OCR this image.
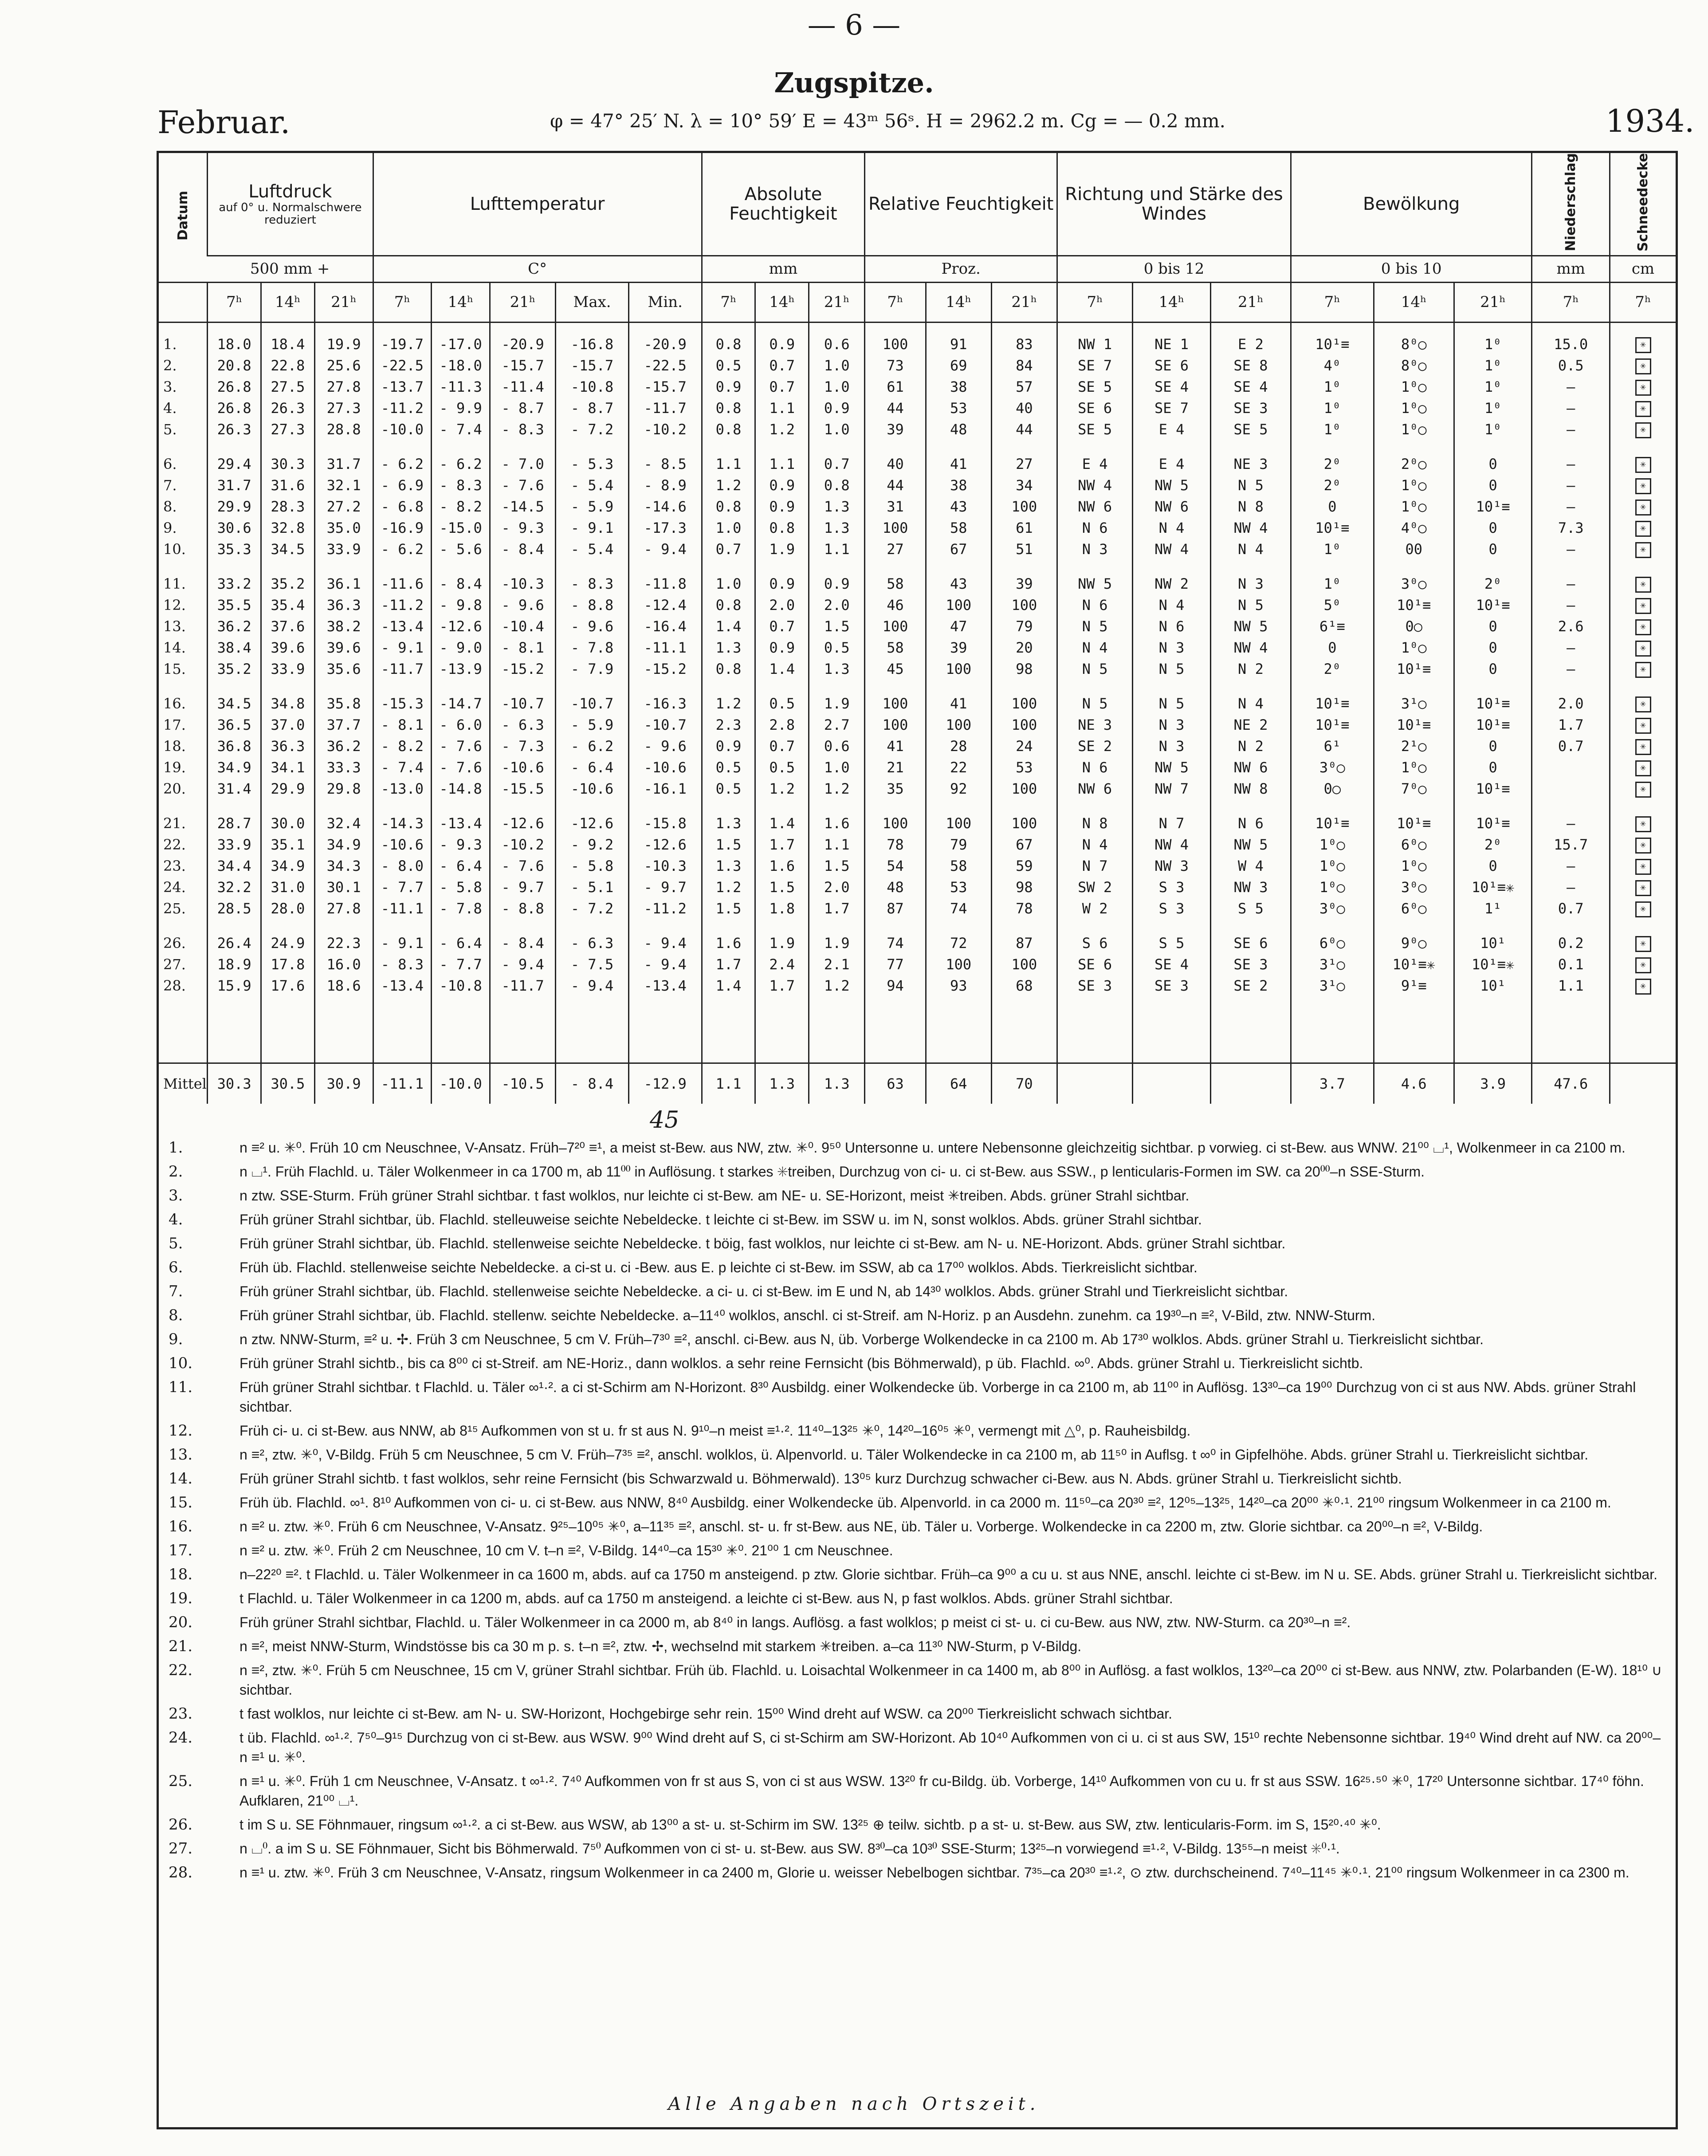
— 6 —
Zugspitze.
Februar.	φ = 47° 25′ N. λ = 10° 59′ E = 43ᵐ 56ˢ. H = 2962.2 m. Cg = — 0.2 mm.	1934.
Datum	Luftdruck
auf 0° u. Normalschwere reduziert			Lufttemperatur					Absolute Feuchtigkeit			Relative Feuchtigkeit			Richtung und Stärke des Windes			Bewölkung			Niederschlag	Schneedecke
	500 mm +			C°					mm			Proz.			0 bis 12			0 bis 10			mm	cm
	7ʰ	14ʰ	21ʰ	7ʰ	14ʰ	21ʰ	Max.	Min.	7ʰ	14ʰ	21ʰ	7ʰ	14ʰ	21ʰ	7ʰ	14ʰ	21ʰ	7ʰ	14ʰ	21ʰ	7ʰ	7ʰ

1.	18.0	18.4	19.9	-19.7	-17.0	-20.9	-16.8	-20.9	0.8	0.9	0.6	100	91	83	NW 1	NE 1	E 2	10¹≡	8⁰○	1⁰	15.0	✳
2.	20.8	22.8	25.6	-22.5	-18.0	-15.7	-15.7	-22.5	0.5	0.7	1.0	73	69	84	SE 7	SE 6	SE 8	4⁰	8⁰○	1⁰	0.5	✳
3.	26.8	27.5	27.8	-13.7	-11.3	-11.4	-10.8	-15.7	0.9	0.7	1.0	61	38	57	SE 5	SE 4	SE 4	1⁰	1⁰○	1⁰	–	✳
4.	26.8	26.3	27.3	-11.2	- 9.9	- 8.7	- 8.7	-11.7	0.8	1.1	0.9	44	53	40	SE 6	SE 7	SE 3	1⁰	1⁰○	1⁰	–	✳
5.	26.3	27.3	28.8	-10.0	- 7.4	- 8.3	- 7.2	-10.2	0.8	1.2	1.0	39	48	44	SE 5	E 4	SE 5	1⁰	1⁰○	1⁰	–	✳
6.	29.4	30.3	31.7	- 6.2	- 6.2	- 7.0	- 5.3	- 8.5	1.1	1.1	0.7	40	41	27	E 4	E 4	NE 3	2⁰	2⁰○	0	–	✳
7.	31.7	31.6	32.1	- 6.9	- 8.3	- 7.6	- 5.4	- 8.9	1.2	0.9	0.8	44	38	34	NW 4	NW 5	N 5	2⁰	1⁰○	0	–	✳
8.	29.9	28.3	27.2	- 6.8	- 8.2	-14.5	- 5.9	-14.6	0.8	0.9	1.3	31	43	100	NW 6	NW 6	N 8	0	1⁰○	10¹≡	–	✳
9.	30.6	32.8	35.0	-16.9	-15.0	- 9.3	- 9.1	-17.3	1.0	0.8	1.3	100	58	61	N 6	N 4	NW 4	10¹≡	4⁰○	0	7.3	✳
10.	35.3	34.5	33.9	- 6.2	- 5.6	- 8.4	- 5.4	- 9.4	0.7	1.9	1.1	27	67	51	N 3	NW 4	N 4	1⁰	00	0	–	✳
11.	33.2	35.2	36.1	-11.6	- 8.4	-10.3	- 8.3	-11.8	1.0	0.9	0.9	58	43	39	NW 5	NW 2	N 3	1⁰	3⁰○	2⁰	–	✳
12.	35.5	35.4	36.3	-11.2	- 9.8	- 9.6	- 8.8	-12.4	0.8	2.0	2.0	46	100	100	N 6	N 4	N 5	5⁰	10¹≡	10¹≡	–	✳
13.	36.2	37.6	38.2	-13.4	-12.6	-10.4	- 9.6	-16.4	1.4	0.7	1.5	100	47	79	N 5	N 6	NW 5	6¹≡	0○	0	2.6	✳
14.	38.4	39.6	39.6	- 9.1	- 9.0	- 8.1	- 7.8	-11.1	1.3	0.9	0.5	58	39	20	N 4	N 3	NW 4	0	1⁰○	0	–	✳
15.	35.2	33.9	35.6	-11.7	-13.9	-15.2	- 7.9	-15.2	0.8	1.4	1.3	45	100	98	N 5	N 5	N 2	2⁰	10¹≡	0	–	✳
16.	34.5	34.8	35.8	-15.3	-14.7	-10.7	-10.7	-16.3	1.2	0.5	1.9	100	41	100	N 5	N 5	N 4	10¹≡	3¹○	10¹≡	2.0	✳
17.	36.5	37.0	37.7	- 8.1	- 6.0	- 6.3	- 5.9	-10.7	2.3	2.8	2.7	100	100	100	NE 3	N 3	NE 2	10¹≡	10¹≡	10¹≡	1.7	✳
18.	36.8	36.3	36.2	- 8.2	- 7.6	- 7.3	- 6.2	- 9.6	0.9	0.7	0.6	41	28	24	SE 2	N 3	N 2	6¹	2¹○	0	0.7	✳
19.	34.9	34.1	33.3	- 7.4	- 7.6	-10.6	- 6.4	-10.6	0.5	0.5	1.0	21	22	53	N 6	NW 5	NW 6	3⁰○	1⁰○	0		✳
20.	31.4	29.9	29.8	-13.0	-14.8	-15.5	-10.6	-16.1	0.5	1.2	1.2	35	92	100	NW 6	NW 7	NW 8	0○	7⁰○	10¹≡		✳
21.	28.7	30.0	32.4	-14.3	-13.4	-12.6	-12.6	-15.8	1.3	1.4	1.6	100	100	100	N 8	N 7	N 6	10¹≡	10¹≡	10¹≡	–	✳
22.	33.9	35.1	34.9	-10.6	- 9.3	-10.2	- 9.2	-12.6	1.5	1.7	1.1	78	79	67	N 4	NW 4	NW 5	1⁰○	6⁰○	2⁰	15.7	✳
23.	34.4	34.9	34.3	- 8.0	- 6.4	- 7.6	- 5.8	-10.3	1.3	1.6	1.5	54	58	59	N 7	NW 3	W 4	1⁰○	1⁰○	0	–	✳
24.	32.2	31.0	30.1	- 7.7	- 5.8	- 9.7	- 5.1	- 9.7	1.2	1.5	2.0	48	53	98	SW 2	S 3	NW 3	1⁰○	3⁰○	10¹≡✳	–	✳
25.	28.5	28.0	27.8	-11.1	- 7.8	- 8.8	- 7.2	-11.2	1.5	1.8	1.7	87	74	78	W 2	S 3	S 5	3⁰○	6⁰○	1¹	0.7	✳
26.	26.4	24.9	22.3	- 9.1	- 6.4	- 8.4	- 6.3	- 9.4	1.6	1.9	1.9	74	72	87	S 6	S 5	SE 6	6⁰○	9⁰○	10¹	0.2	✳
27.	18.9	17.8	16.0	- 8.3	- 7.7	- 9.4	- 7.5	- 9.4	1.7	2.4	2.1	77	100	100	SE 6	SE 4	SE 3	3¹○	10¹≡✳	10¹≡✳	0.1	✳
28.	15.9	17.6	18.6	-13.4	-10.8	-11.7	- 9.4	-13.4	1.4	1.7	1.2	94	93	68	SE 3	SE 3	SE 2	3¹○	9¹≡	10¹	1.1	✳

Mittel	30.3	30.5	30.9	-11.1	-10.0	-10.5	- 8.4	-12.9	1.1	1.3	1.3	63	64	70				3.7	4.6	3.9	47.6	
45
1.	n ≡² u. ✳⁰. Früh 10 cm Neuschnee, V-Ansatz. Früh–7²⁰ ≡¹, a meist st-Bew. aus NW, ztw. ✳⁰. 9⁵⁰ Untersonne u. untere Nebensonne gleichzeitig sichtbar. p vorwieg. ci st-Bew. aus WNW. 21⁰⁰ ⌴¹, Wolkenmeer in ca 2100 m.
2.	n ⌴¹. Früh Flachld. u. Täler Wolkenmeer in ca 1700 m, ab 11⁰⁰ in Auflösung. t starkes ✳treiben, Durchzug von ci- u. ci st-Bew. aus SSW., p lenticularis-Formen im SW. ca 20⁰⁰–n SSE-Sturm.
3.	n ztw. SSE-Sturm. Früh grüner Strahl sichtbar. t fast wolklos, nur leichte ci st-Bew. am NE- u. SE-Horizont, meist ✳treiben. Abds. grüner Strahl sichtbar.
4.	Früh grüner Strahl sichtbar, üb. Flachld. stelleuweise seichte Nebeldecke. t leichte ci st-Bew. im SSW u. im N, sonst wolklos. Abds. grüner Strahl sichtbar.
5.	Früh grüner Strahl sichtbar, üb. Flachld. stellenweise seichte Nebeldecke. t böig, fast wolklos, nur leichte ci st-Bew. am N- u. NE-Horizont. Abds. grüner Strahl sichtbar.
6.	Früh üb. Flachld. stellenweise seichte Nebeldecke. a ci-st u. ci -Bew. aus E. p leichte ci st-Bew. im SSW, ab ca 17⁰⁰ wolklos. Abds. Tierkreislicht sichtbar.
7.	Früh grüner Strahl sichtbar, üb. Flachld. stellenweise seichte Nebeldecke. a ci- u. ci st-Bew. im E und N, ab 14³⁰ wolklos. Abds. grüner Strahl und Tierkreislicht sichtbar.
8.	Früh grüner Strahl sichtbar, üb. Flachld. stellenw. seichte Nebeldecke. a–11⁴⁰ wolklos, anschl. ci st-Streif. am N-Horiz. p an Ausdehn. zunehm. ca 19³⁰–n ≡², V-Bild, ztw. NNW-Sturm.
9.	n ztw. NNW-Sturm, ≡² u. ✢. Früh 3 cm Neuschnee, 5 cm V. Früh–7³⁰ ≡², anschl. ci-Bew. aus N, üb. Vorberge Wolkendecke in ca 2100 m. Ab 17³⁰ wolklos. Abds. grüner Strahl u. Tierkreislicht sichtbar.
10.	Früh grüner Strahl sichtb., bis ca 8⁰⁰ ci st-Streif. am NE-Horiz., dann wolklos. a sehr reine Fernsicht (bis Böhmerwald), p üb. Flachld. ∞⁰. Abds. grüner Strahl u. Tierkreislicht sichtb.
11.	Früh grüner Strahl sichtbar. t Flachld. u. Täler ∞¹·². a ci st-Schirm am N-Horizont. 8³⁰ Ausbildg. einer Wolkendecke üb. Vorberge in ca 2100 m, ab 11⁰⁰ in Auflösg. 13³⁰–ca 19⁰⁰ Durchzug von ci st aus NW. Abds. grüner Strahl sichtbar.
12.	Früh ci- u. ci st-Bew. aus NNW, ab 8¹⁵ Aufkommen von st u. fr st aus N. 9¹⁰–n meist ≡¹·². 11⁴⁰–13²⁵ ✳⁰, 14²⁰–16⁰⁵ ✳⁰, vermengt mit △⁰, p. Rauheisbildg.
13.	n ≡², ztw. ✳⁰, V-Bildg. Früh 5 cm Neuschnee, 5 cm V. Früh–7³⁵ ≡², anschl. wolklos, ü. Alpenvorld. u. Täler Wolkendecke in ca 2100 m, ab 11⁵⁰ in Auflsg. t ∞⁰ in Gipfelhöhe. Abds. grüner Strahl u. Tierkreislicht sichtbar.
14.	Früh grüner Strahl sichtb. t fast wolklos, sehr reine Fernsicht (bis Schwarzwald u. Böhmerwald). 13⁰⁵ kurz Durchzug schwacher ci-Bew. aus N. Abds. grüner Strahl u. Tierkreislicht sichtb.
15.	Früh üb. Flachld. ∞¹. 8¹⁰ Aufkommen von ci- u. ci st-Bew. aus NNW, 8⁴⁰ Ausbildg. einer Wolkendecke üb. Alpenvorld. in ca 2000 m. 11⁵⁰–ca 20³⁰ ≡², 12⁰⁵–13²⁵, 14²⁰–ca 20⁰⁰ ✳⁰·¹. 21⁰⁰ ringsum Wolkenmeer in ca 2100 m.
16.	n ≡² u. ztw. ✳⁰. Früh 6 cm Neuschnee, V-Ansatz. 9²⁵–10⁰⁵ ✳⁰, a–11³⁵ ≡², anschl. st- u. fr st-Bew. aus NE, üb. Täler u. Vorberge. Wolkendecke in ca 2200 m, ztw. Glorie sichtbar. ca 20⁰⁰–n ≡², V-Bildg.
17.	n ≡² u. ztw. ✳⁰. Früh 2 cm Neuschnee, 10 cm V. t–n ≡², V-Bildg. 14⁴⁰–ca 15³⁰ ✳⁰. 21⁰⁰ 1 cm Neuschnee.
18.	n–22²⁰ ≡². t Flachld. u. Täler Wolkenmeer in ca 1600 m, abds. auf ca 1750 m ansteigend. p ztw. Glorie sichtbar. Früh–ca 9⁰⁰ a cu u. st aus NNE, anschl. leichte ci st-Bew. im N u. SE. Abds. grüner Strahl u. Tierkreislicht sichtbar.
19.	t Flachld. u. Täler Wolkenmeer in ca 1200 m, abds. auf ca 1750 m ansteigend. a leichte ci st-Bew. aus N, p fast wolklos. Abds. grüner Strahl sichtbar.
20.	Früh grüner Strahl sichtbar, Flachld. u. Täler Wolkenmeer in ca 2000 m, ab 8⁴⁰ in langs. Auflösg. a fast wolklos; p meist ci st- u. ci cu-Bew. aus NW, ztw. NW-Sturm. ca 20³⁰–n ≡².
21.	n ≡², meist NNW-Sturm, Windstösse bis ca 30 m p. s. t–n ≡², ztw. ✢, wechselnd mit starkem ✳treiben. a–ca 11³⁰ NW-Sturm, p V-Bildg.
22.	n ≡², ztw. ✳⁰. Früh 5 cm Neuschnee, 15 cm V, grüner Strahl sichtbar. Früh üb. Flachld. u. Loisachtal Wolkenmeer in ca 1400 m, ab 8⁰⁰ in Auflösg. a fast wolklos, 13²⁰–ca 20⁰⁰ ci st-Bew. aus NNW, ztw. Polarbanden (E-W). 18¹⁰ ∪ sichtbar.
23.	t fast wolklos, nur leichte ci st-Bew. am N- u. SW-Horizont, Hochgebirge sehr rein. 15⁰⁰ Wind dreht auf WSW. ca 20⁰⁰ Tierkreislicht schwach sichtbar.
24.	t üb. Flachld. ∞¹·². 7⁵⁰–9¹⁵ Durchzug von ci st-Bew. aus WSW. 9⁰⁰ Wind dreht auf S, ci st-Schirm am SW-Horizont. Ab 10⁴⁰ Aufkommen von ci u. ci st aus SW, 15¹⁰ rechte Nebensonne sichtbar. 19⁴⁰ Wind dreht auf NW. ca 20⁰⁰–n ≡¹ u. ✳⁰.
25.	n ≡¹ u. ✳⁰. Früh 1 cm Neuschnee, V-Ansatz. t ∞¹·². 7⁴⁰ Aufkommen von fr st aus S, von ci st aus WSW. 13²⁰ fr cu-Bildg. üb. Vorberge, 14¹⁰ Aufkommen von cu u. fr st aus SSW. 16²⁵·⁵⁰ ✳⁰, 17²⁰ Untersonne sichtbar. 17⁴⁰ föhn. Aufklaren, 21⁰⁰ ⌴¹.
26.	t im S u. SE Föhnmauer, ringsum ∞¹·². a ci st-Bew. aus WSW, ab 13⁰⁰ a st- u. st-Schirm im SW. 13²⁵ ⊕ teilw. sichtb. p a st- u. st-Bew. aus SW, ztw. lenticularis-Form. im S, 15²⁰·⁴⁰ ✳⁰.
27.	n ⌴⁰. a im S u. SE Föhnmauer, Sicht bis Böhmerwald. 7⁵⁰ Aufkommen von ci st- u. st-Bew. aus SW. 8³⁰–ca 10³⁰ SSE-Sturm; 13²⁵–n vorwiegend ≡¹·², V-Bildg. 13⁵⁵–n meist ✳⁰·¹.
28.	n ≡¹ u. ztw. ✳⁰. Früh 3 cm Neuschnee, V-Ansatz, ringsum Wolkenmeer in ca 2400 m, Glorie u. weisser Nebelbogen sichtbar. 7³⁵–ca 20³⁰ ≡¹·², ⊙ ztw. durchscheinend. 7⁴⁰–11⁴⁵ ✳⁰·¹. 21⁰⁰ ringsum Wolkenmeer in ca 2300 m.
Alle Angaben nach Ortszeit.
